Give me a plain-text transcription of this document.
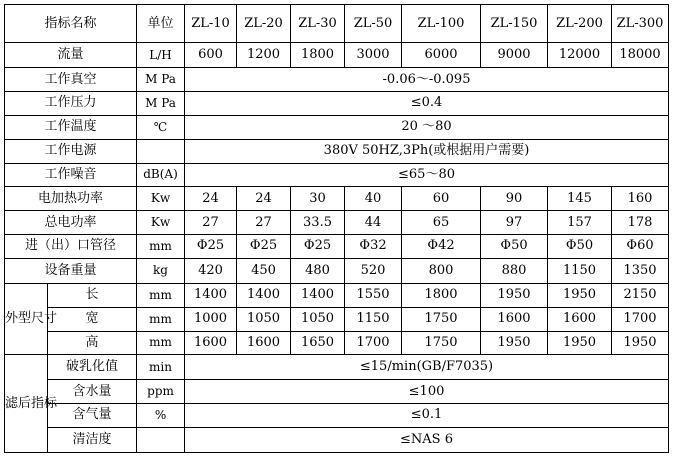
指标名称		单位	ZL-10	ZL-20	ZL-30	ZL-50	ZL-100	ZL-150	ZL-200	ZL-300
流量		L/H	600	1200	1800	3000	6000	9000	12000	18000
工作真空		M Pa	-0.06～-0.095							
工作压力		M Pa	≤0.4							
工作温度		℃	20 ～80							
工作电源			380V 50HZ,3Ph(或根据用户需要)							
工作噪音		dB(A)	≤65～80							
电加热功率		Kw	24	24	30	40	60	90	145	160
总电功率		Kw	27	27	33.5	44	65	97	157	178
进（出）口管径		mm	Φ25	Φ25	Φ25	Φ32	Φ42	Φ50	Φ50	Φ60
设备重量		kg	420	450	480	520	800	880	1150	1350
外型尺寸	长	mm	1400	1400	1400	1550	1800	1950	1950	2150
	宽	mm	1000	1050	1050	1150	1750	1600	1600	1700
	高	mm	1600	1600	1650	1700	1750	1950	1950	1950
滤后指标	破乳化值	min	≤15/min(GB/F7035)							
	含水量	ppm	≤100							
	含气量	%	≤0.1							
	清洁度		≤NAS 6							
